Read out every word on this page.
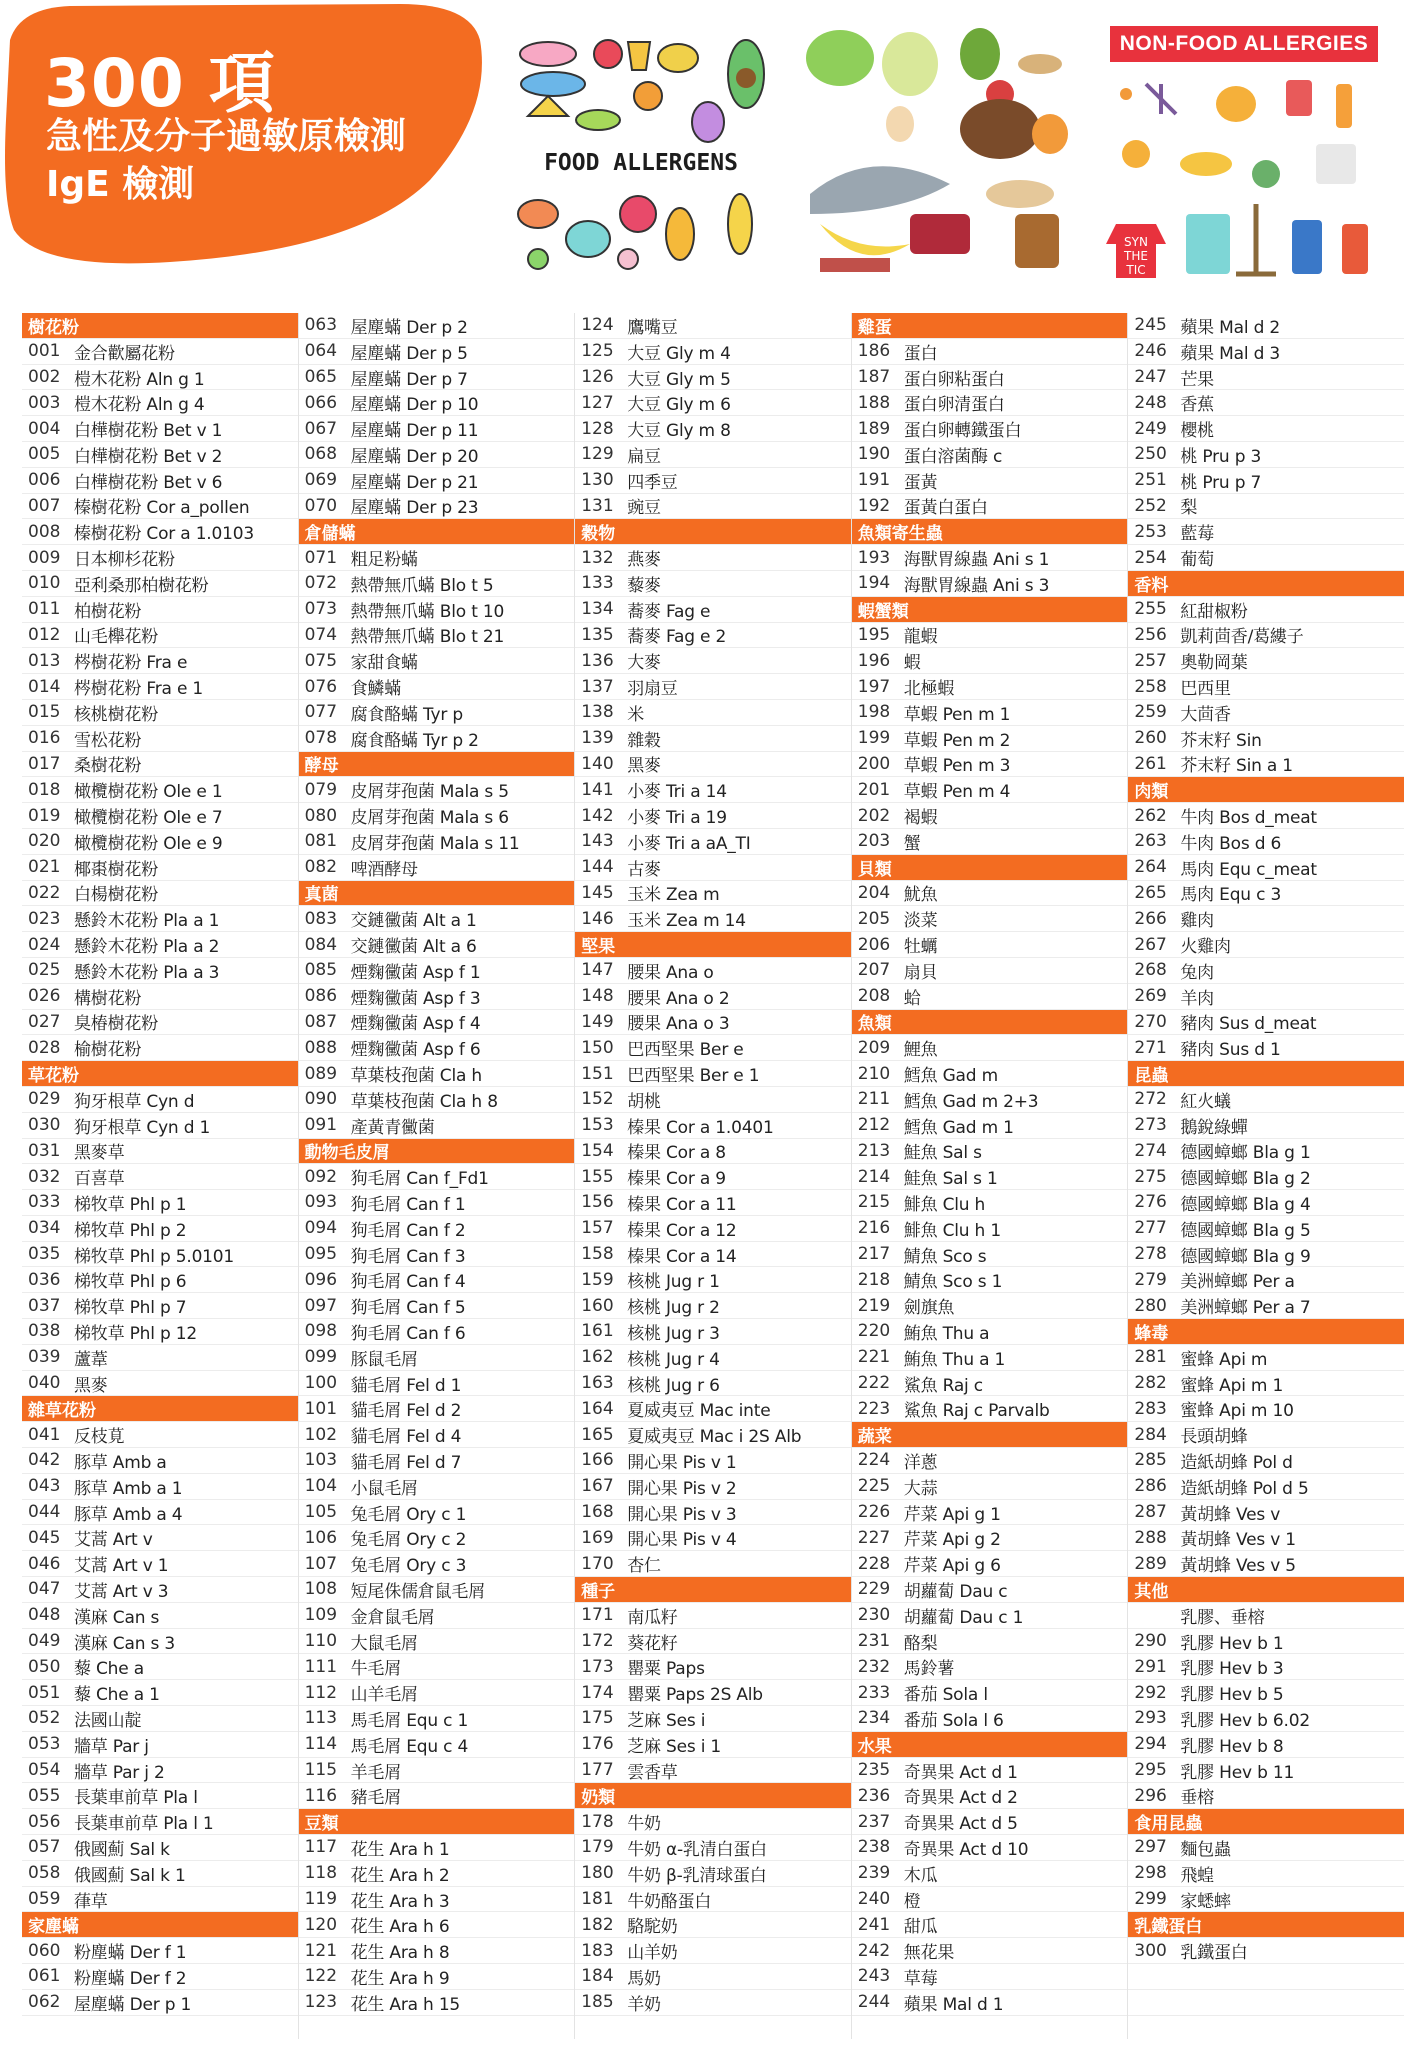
300 項
急性及分子過敏原檢測
IgE 檢測
FOOD ALLERGENS
NON-FOOD ALLERGIES
SYN
THE
TIC
樹花粉
001 金合歡屬花粉
002 榿木花粉 Aln g 1
003 榿木花粉 Aln g 4
004 白樺樹花粉 Bet v 1
005 白樺樹花粉 Bet v 2
006 白樺樹花粉 Bet v 6
007 榛樹花粉 Cor a_pollen
008 榛樹花粉 Cor a 1.0103
009 日本柳杉花粉
010 亞利桑那柏樹花粉
011 柏樹花粉
012 山毛櫸花粉
013 梣樹花粉 Fra e
014 梣樹花粉 Fra e 1
015 核桃樹花粉
016 雪松花粉
017 桑樹花粉
018 橄欖樹花粉 Ole e 1
019 橄欖樹花粉 Ole e 7
020 橄欖樹花粉 Ole e 9
021 椰棗樹花粉
022 白楊樹花粉
023 懸鈴木花粉 Pla a 1
024 懸鈴木花粉 Pla a 2
025 懸鈴木花粉 Pla a 3
026 構樹花粉
027 臭椿樹花粉
028 榆樹花粉
草花粉
029 狗牙根草 Cyn d
030 狗牙根草 Cyn d 1
031 黑麥草
032 百喜草
033 梯牧草 Phl p 1
034 梯牧草 Phl p 2
035 梯牧草 Phl p 5.0101
036 梯牧草 Phl p 6
037 梯牧草 Phl p 7
038 梯牧草 Phl p 12
039 蘆葦
040 黑麥
雜草花粉
041 反枝莧
042 豚草 Amb a
043 豚草 Amb a 1
044 豚草 Amb a 4
045 艾蒿 Art v
046 艾蒿 Art v 1
047 艾蒿 Art v 3
048 漢麻 Can s
049 漢麻 Can s 3
050 藜 Che a
051 藜 Che a 1
052 法國山靛
053 牆草 Par j
054 牆草 Par j 2
055 長葉車前草 Pla l
056 長葉車前草 Pla l 1
057 俄國薊 Sal k
058 俄國薊 Sal k 1
059 葎草
家塵蟎
060 粉塵蟎 Der f 1
061 粉塵蟎 Der f 2
062 屋塵蟎 Der p 1
063 屋塵蟎 Der p 2
064 屋塵蟎 Der p 5
065 屋塵蟎 Der p 7
066 屋塵蟎 Der p 10
067 屋塵蟎 Der p 11
068 屋塵蟎 Der p 20
069 屋塵蟎 Der p 21
070 屋塵蟎 Der p 23
倉儲蟎
071 粗足粉蟎
072 熱帶無爪蟎 Blo t 5
073 熱帶無爪蟎 Blo t 10
074 熱帶無爪蟎 Blo t 21
075 家甜食蟎
076 食鱗蟎
077 腐食酪蟎 Tyr p
078 腐食酪蟎 Tyr p 2
酵母
079 皮屑芽孢菌 Mala s 5
080 皮屑芽孢菌 Mala s 6
081 皮屑芽孢菌 Mala s 11
082 啤酒酵母
真菌
083 交鏈黴菌 Alt a 1
084 交鏈黴菌 Alt a 6
085 煙麴黴菌 Asp f 1
086 煙麴黴菌 Asp f 3
087 煙麴黴菌 Asp f 4
088 煙麴黴菌 Asp f 6
089 草葉枝孢菌 Cla h
090 草葉枝孢菌 Cla h 8
091 產黃青黴菌
動物毛皮屑
092 狗毛屑 Can f_Fd1
093 狗毛屑 Can f 1
094 狗毛屑 Can f 2
095 狗毛屑 Can f 3
096 狗毛屑 Can f 4
097 狗毛屑 Can f 5
098 狗毛屑 Can f 6
099 豚鼠毛屑
100 貓毛屑 Fel d 1
101 貓毛屑 Fel d 2
102 貓毛屑 Fel d 4
103 貓毛屑 Fel d 7
104 小鼠毛屑
105 兔毛屑 Ory c 1
106 兔毛屑 Ory c 2
107 兔毛屑 Ory c 3
108 短尾侏儒倉鼠毛屑
109 金倉鼠毛屑
110 大鼠毛屑
111 牛毛屑
112 山羊毛屑
113 馬毛屑 Equ c 1
114 馬毛屑 Equ c 4
115 羊毛屑
116 豬毛屑
豆類
117 花生 Ara h 1
118 花生 Ara h 2
119 花生 Ara h 3
120 花生 Ara h 6
121 花生 Ara h 8
122 花生 Ara h 9
123 花生 Ara h 15
124 鷹嘴豆
125 大豆 Gly m 4
126 大豆 Gly m 5
127 大豆 Gly m 6
128 大豆 Gly m 8
129 扁豆
130 四季豆
131 豌豆
穀物
132 燕麥
133 藜麥
134 蕎麥 Fag e
135 蕎麥 Fag e 2
136 大麥
137 羽扇豆
138 米
139 雜穀
140 黑麥
141 小麥 Tri a 14
142 小麥 Tri a 19
143 小麥 Tri a aA_TI
144 古麥
145 玉米 Zea m
146 玉米 Zea m 14
堅果
147 腰果 Ana o
148 腰果 Ana o 2
149 腰果 Ana o 3
150 巴西堅果 Ber e
151 巴西堅果 Ber e 1
152 胡桃
153 榛果 Cor a 1.0401
154 榛果 Cor a 8
155 榛果 Cor a 9
156 榛果 Cor a 11
157 榛果 Cor a 12
158 榛果 Cor a 14
159 核桃 Jug r 1
160 核桃 Jug r 2
161 核桃 Jug r 3
162 核桃 Jug r 4
163 核桃 Jug r 6
164 夏威夷豆 Mac inte
165 夏威夷豆 Mac i 2S Alb
166 開心果 Pis v 1
167 開心果 Pis v 2
168 開心果 Pis v 3
169 開心果 Pis v 4
170 杏仁
種子
171 南瓜籽
172 葵花籽
173 罌粟 Paps
174 罌粟 Paps 2S Alb
175 芝麻 Ses i
176 芝麻 Ses i 1
177 雲香草
奶類
178 牛奶
179 牛奶 α-乳清白蛋白
180 牛奶 β-乳清球蛋白
181 牛奶酪蛋白
182 駱駝奶
183 山羊奶
184 馬奶
185 羊奶
雞蛋
186 蛋白
187 蛋白卵粘蛋白
188 蛋白卵清蛋白
189 蛋白卵轉鐵蛋白
190 蛋白溶菌酶 c
191 蛋黃
192 蛋黃白蛋白
魚類寄生蟲
193 海獸胃線蟲 Ani s 1
194 海獸胃線蟲 Ani s 3
蝦蟹類
195 龍蝦
196 蝦
197 北極蝦
198 草蝦 Pen m 1
199 草蝦 Pen m 2
200 草蝦 Pen m 3
201 草蝦 Pen m 4
202 褐蝦
203 蟹
貝類
204 魷魚
205 淡菜
206 牡蠣
207 扇貝
208 蛤
魚類
209 鯉魚
210 鱈魚 Gad m
211 鱈魚 Gad m 2+3
212 鱈魚 Gad m 1
213 鮭魚 Sal s
214 鮭魚 Sal s 1
215 鯡魚 Clu h
216 鯡魚 Clu h 1
217 鯖魚 Sco s
218 鯖魚 Sco s 1
219 劍旗魚
220 鮪魚 Thu a
221 鮪魚 Thu a 1
222 鯊魚 Raj c
223 鯊魚 Raj c Parvalb
蔬菜
224 洋蔥
225 大蒜
226 芹菜 Api g 1
227 芹菜 Api g 2
228 芹菜 Api g 6
229 胡蘿蔔 Dau c
230 胡蘿蔔 Dau c 1
231 酪梨
232 馬鈴薯
233 番茄 Sola l
234 番茄 Sola l 6
水果
235 奇異果 Act d 1
236 奇異果 Act d 2
237 奇異果 Act d 5
238 奇異果 Act d 10
239 木瓜
240 橙
241 甜瓜
242 無花果
243 草莓
244 蘋果 Mal d 1
245 蘋果 Mal d 2
246 蘋果 Mal d 3
247 芒果
248 香蕉
249 櫻桃
250 桃 Pru p 3
251 桃 Pru p 7
252 梨
253 藍莓
254 葡萄
香料
255 紅甜椒粉
256 凱莉茴香/葛縷子
257 奧勒岡葉
258 巴西里
259 大茴香
260 芥末籽 Sin
261 芥末籽 Sin a 1
肉類
262 牛肉 Bos d_meat
263 牛肉 Bos d 6
264 馬肉 Equ c_meat
265 馬肉 Equ c 3
266 雞肉
267 火雞肉
268 兔肉
269 羊肉
270 豬肉 Sus d_meat
271 豬肉 Sus d 1
昆蟲
272 紅火蟻
273 鵝銳綠蟬
274 德國蟑螂 Bla g 1
275 德國蟑螂 Bla g 2
276 德國蟑螂 Bla g 4
277 德國蟑螂 Bla g 5
278 德國蟑螂 Bla g 9
279 美洲蟑螂 Per a
280 美洲蟑螂 Per a 7
蜂毒
281 蜜蜂 Api m
282 蜜蜂 Api m 1
283 蜜蜂 Api m 10
284 長頭胡蜂
285 造紙胡蜂 Pol d
286 造紙胡蜂 Pol d 5
287 黃胡蜂 Ves v
288 黃胡蜂 Ves v 1
289 黃胡蜂 Ves v 5
其他
乳膠、垂榕
290 乳膠 Hev b 1
291 乳膠 Hev b 3
292 乳膠 Hev b 5
293 乳膠 Hev b 6.02
294 乳膠 Hev b 8
295 乳膠 Hev b 11
296 垂榕
食用昆蟲
297 麵包蟲
298 飛蝗
299 家蟋蟀
乳鐵蛋白
300 乳鐵蛋白
